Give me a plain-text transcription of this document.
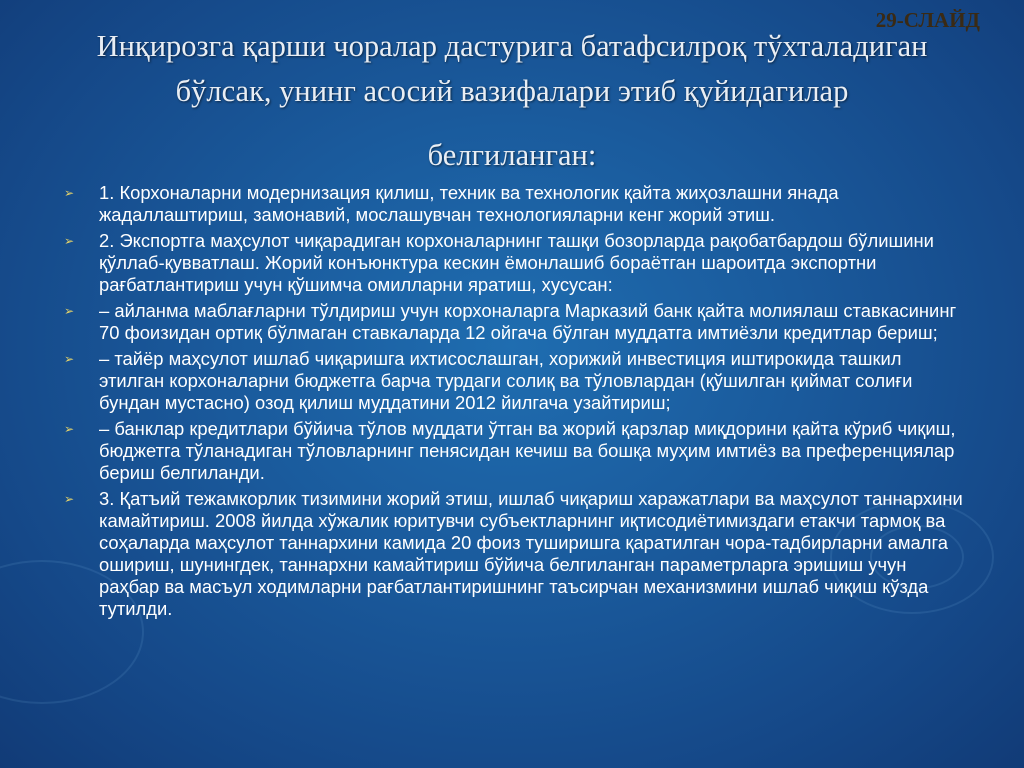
29-СЛАЙД

Инқирозга қарши чоралар дастурига батафсилроқ тўхталадиган
бўлсак, унинг асосий вазифалари этиб қуйидагилар
белгиланган:
➢ 1. Корхоналарни модернизация қилиш, техник ва технологик қайта жиҳозлашни янада жадаллаштириш, замонавий, мослашувчан технологияларни кенг жорий этиш.
➢ 2. Экспортга маҳсулот чиқарадиган корхоналарнинг ташқи бозорларда рақобатбардош бўлишини қўллаб-қувватлаш. Жорий конъюнктура кескин ёмонлашиб бораётган шароитда экспортни рағбатлантириш учун қўшимча омилларни яратиш, хусусан:
➢ – айланма маблағларни тўлдириш учун корхоналарга Марказий банк қайта молиялаш ставкасининг 70 фоизидан ортиқ бўлмаган ставкаларда 12 ойгача бўлган муддатга имтиёзли кредитлар бериш;
➢ – тайёр маҳсулот ишлаб чиқаришга ихтисослашган, хорижий инвестиция иштирокида ташкил этилган корхоналарни бюджетга барча турдаги солиқ ва тўловлардан (қўшилган қиймат солиғи бундан мустасно) озод қилиш муддатини 2012 йилгача узайтириш;
➢ – банклар кредитлари бўйича тўлов муддати ўтган ва жорий қарзлар миқдорини қайта кўриб чиқиш, бюджетга тўланадиган тўловларнинг пенясидан кечиш ва бошқа муҳим имтиёз ва преференциялар бериш белгиланди.
➢ 3. Қатъий тежамкорлик тизимини жорий этиш, ишлаб чиқариш харажатлари ва маҳсулот таннархини камайтириш. 2008 йилда хўжалик юритувчи субъектларнинг иқтисодиётимиздаги етакчи тармоқ ва соҳаларда маҳсулот таннархини камида 20 фоиз туширишга қаратилган чора-тадбирларни амалга ошириш, шунингдек, таннархни камайтириш бўйича белгиланган параметрларга эришиш учун раҳбар ва масъул ходимларни рағбатлантиришнинг таъсирчан механизмини ишлаб чиқиш кўзда тутилди.
